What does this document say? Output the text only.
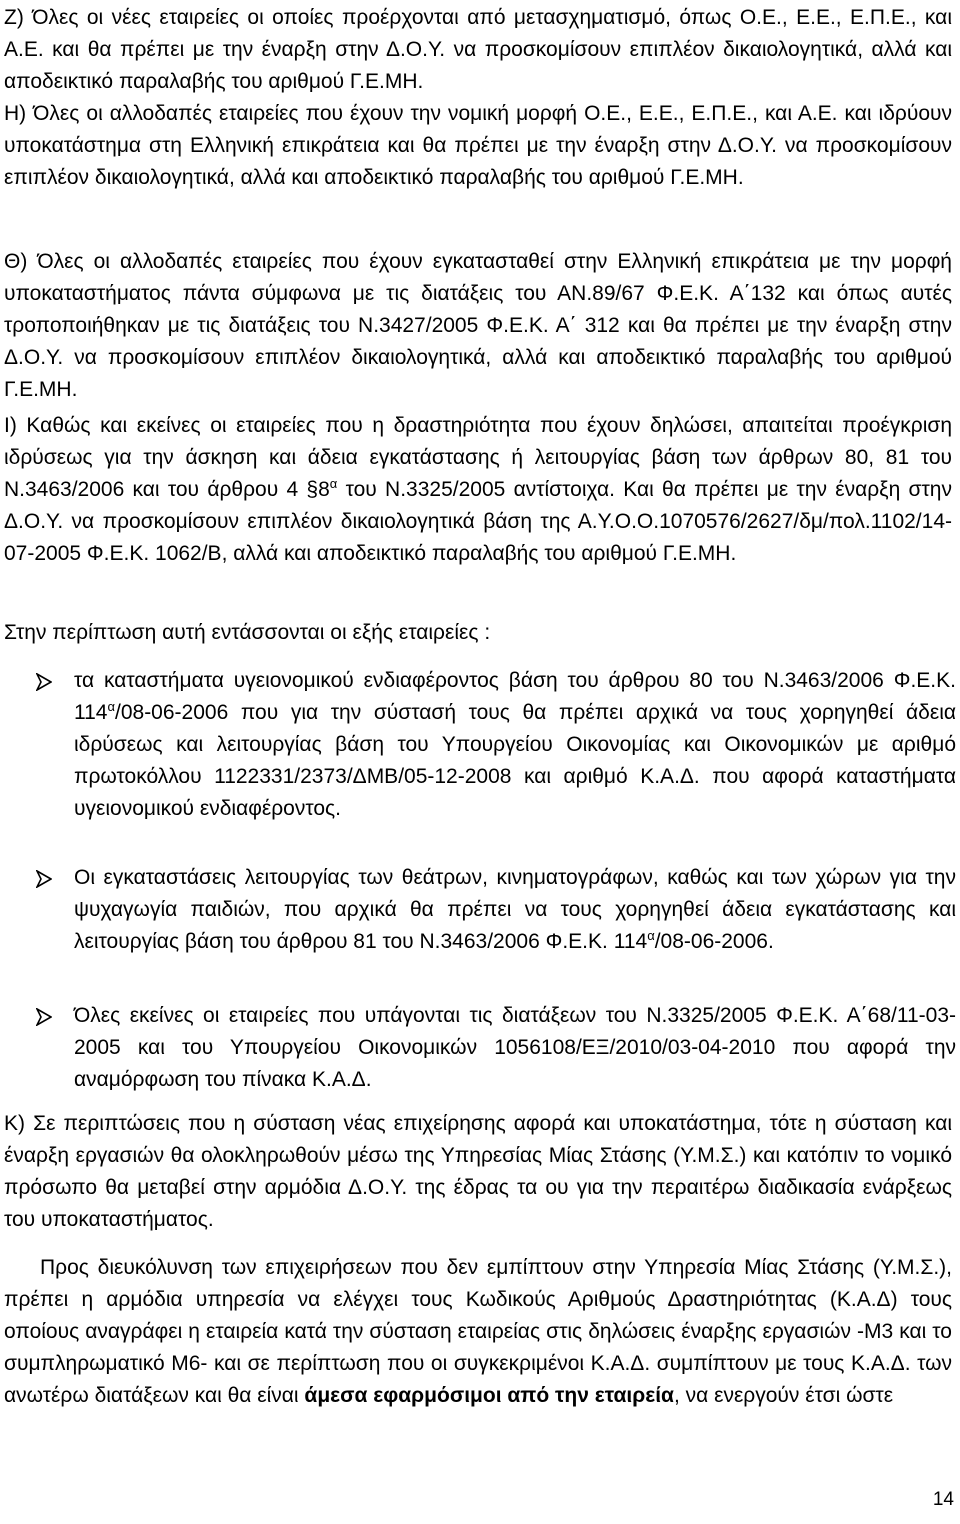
Ζ) Όλες οι νέες εταιρείες οι οποίες προέρχονται από μετασχηματισμό, όπως Ο.Ε., Ε.Ε., Ε.Π.Ε., και Α.Ε. και θα πρέπει με την έναρξη στην Δ.Ο.Υ. να προσκομίσουν επιπλέον δικαιολογητικά, αλλά και αποδεικτικό παραλαβής του αριθμού Γ.Ε.ΜΗ.

Η) Όλες οι αλλοδαπές εταιρείες που έχουν την νομική μορφή Ο.Ε., Ε.Ε., Ε.Π.Ε., και Α.Ε. και ιδρύουν υποκατάστημα στη Ελληνική επικράτεια και θα πρέπει με την έναρξη στην Δ.Ο.Υ. να προσκομίσουν επιπλέον δικαιολογητικά, αλλά και αποδεικτικό παραλαβής του αριθμού Γ.Ε.ΜΗ.

Θ) Όλες οι αλλοδαπές εταιρείες που έχουν εγκατασταθεί στην Ελληνική επικράτεια με την μορφή υποκαταστήματος πάντα σύμφωνα με τις διατάξεις του ΑΝ.89/67 Φ.Ε.Κ. Α΄132 και όπως αυτές τροποποιήθηκαν με τις διατάξεις του Ν.3427/2005 Φ.Ε.Κ. Α΄ 312 και θα πρέπει με την έναρξη στην Δ.Ο.Υ. να προσκομίσουν επιπλέον δικαιολογητικά, αλλά και αποδεικτικό παραλαβής του αριθμού Γ.Ε.ΜΗ.

Ι) Καθώς και εκείνες οι εταιρείες που η δραστηριότητα που έχουν δηλώσει, απαιτείται προέγκριση ιδρύσεως για την άσκηση και άδεια εγκατάστασης ή λειτουργίας βάση των άρθρων 80, 81 του Ν.3463/2006 και του άρθρου 4 $\S 8^\alpha$ του Ν.3325/2005 αντίστοιχα. Και θα πρέπει με την έναρξη στην Δ.Ο.Υ. να προσκομίσουν επιπλέον δικαιολογητικά βάση της Α.Υ.Ο.Ο.1070576/2627/δμ/πολ.1102/14-07-2005 Φ.Ε.Κ. 1062/Β, αλλά και αποδεικτικό παραλαβής του αριθμού Γ.Ε.ΜΗ.

Στην περίπτωση αυτή εντάσσονται οι εξής εταιρείες :

τα καταστήματα υγειονομικού ενδιαφέροντος βάση του άρθρου 80 του Ν.3463/2006 Φ.Ε.Κ. $114^\alpha/08-06-2006$ που για την σύστασή τους θα πρέπει αρχικά να τους χορηγηθεί άδεια ιδρύσεως και λειτουργίας βάση του Υπουργείου Οικονομίας και Οικονομικών με αριθμό πρωτοκόλλου 1122331/2373/ΔΜΒ/05-12-2008 και αριθμό Κ.Α.Δ. που αφορά καταστήματα υγειονομικού ενδιαφέροντος.
Οι εγκαταστάσεις λειτουργίας των θεάτρων, κινηματογράφων, καθώς και των χώρων για την ψυχαγωγία παιδιών, που αρχικά θα πρέπει να τους χορηγηθεί άδεια εγκατάστασης και λειτουργίας βάση του άρθρου 81 του Ν.3463/2006 Φ.Ε.Κ. $114^\alpha/08-06-2006$.
Όλες εκείνες οι εταιρείες που υπάγονται τις διατάξεων του Ν.3325/2005 Φ.Ε.Κ. Α΄68/11-03-2005 και του Υπουργείου Οικονομικών 1056108/ΕΞ/2010/03-04-2010 που αφορά την αναμόρφωση του πίνακα Κ.Α.Δ.

Κ) Σε περιπτώσεις που η σύσταση νέας επιχείρησης αφορά και υποκατάστημα, τότε η σύσταση και έναρξη εργασιών θα ολοκληρωθούν μέσω της Υπηρεσίας Μίας Στάσης (Υ.Μ.Σ.) και κατόπιν το νομικό πρόσωπο θα μεταβεί στην αρμόδια Δ.Ο.Υ. της έδρας τα ου για την περαιτέρω διαδικασία ενάρξεως του υποκαταστήματος.

Προς διευκόλυνση των επιχειρήσεων που δεν εμπίπτουν στην Υπηρεσία Μίας Στάσης (Υ.Μ.Σ.), πρέπει η αρμόδια υπηρεσία να ελέγχει τους Κωδικούς Αριθμούς Δραστηριότητας (Κ.Α.Δ) τους οποίους αναγράφει η εταιρεία κατά την σύσταση εταιρείας στις δηλώσεις έναρξης εργασιών -Μ3 και το συμπληρωματικό Μ6- και σε περίπτωση που οι συγκεκριμένοι Κ.Α.Δ. συμπίπτουν με τους Κ.Α.Δ. των ανωτέρω διατάξεων και θα είναι άμεσα εφαρμόσιμοι από την εταιρεία, να ενεργούν έτσι ώστε

14
